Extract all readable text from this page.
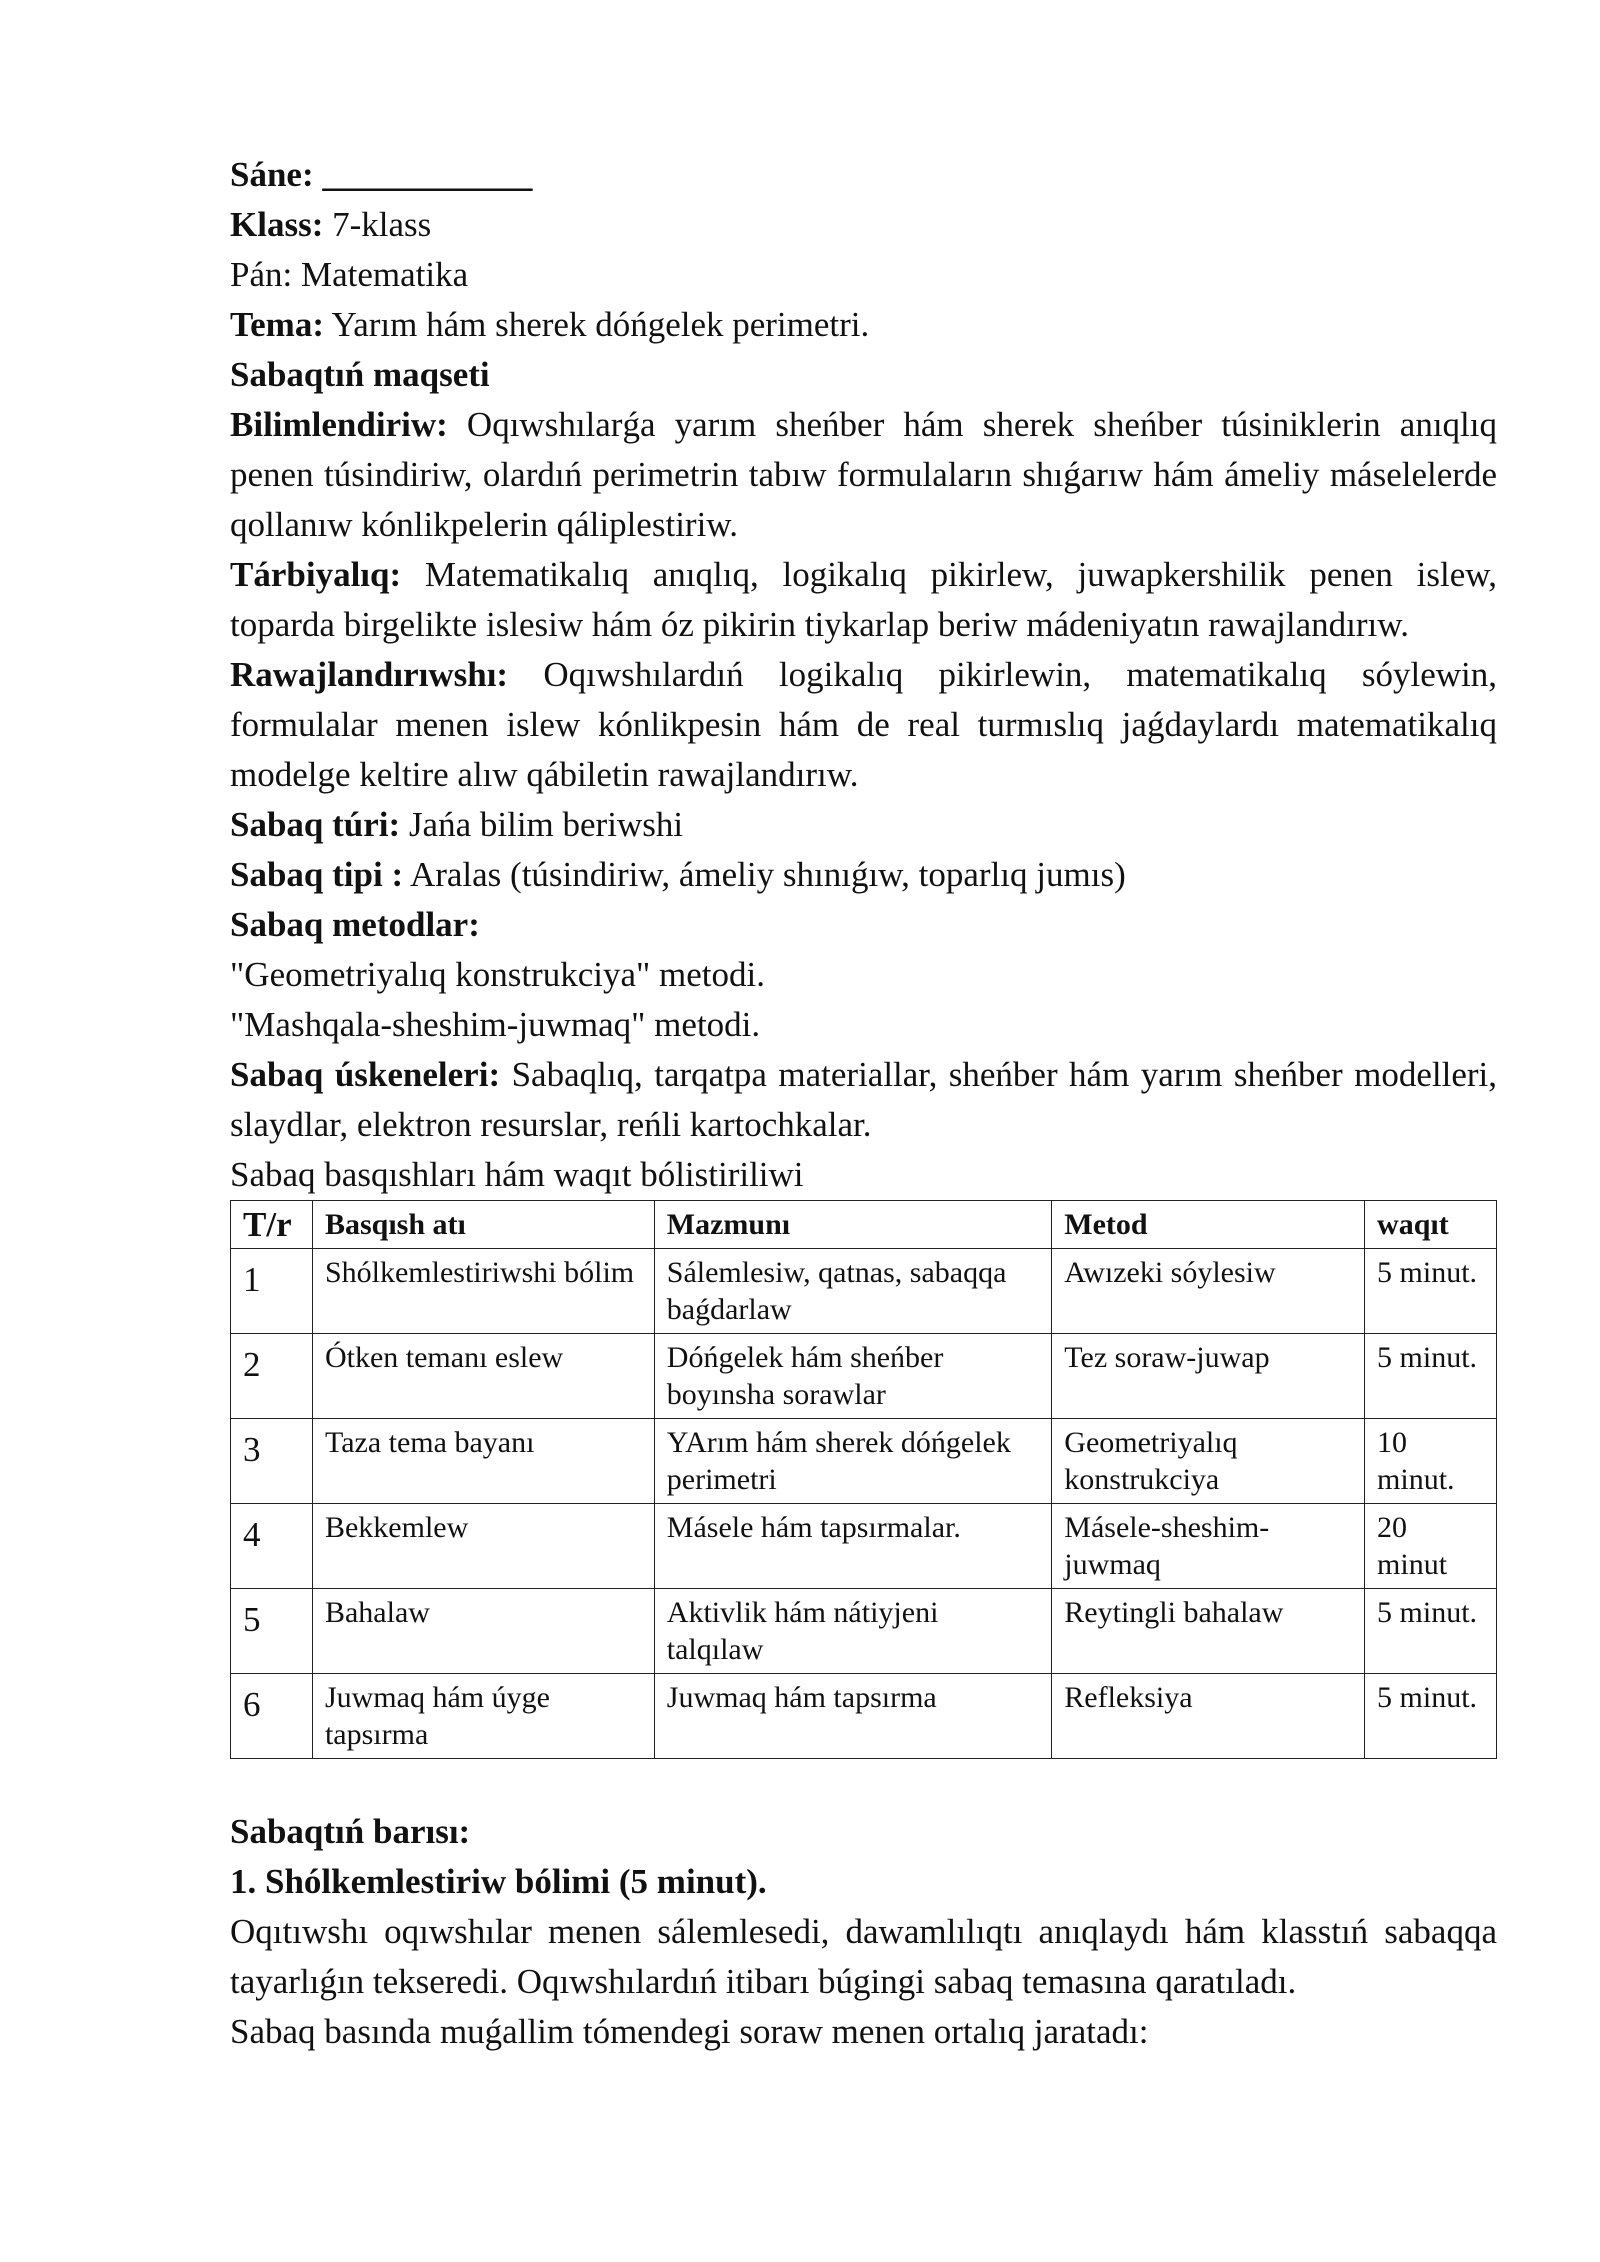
Sáne: ____________

Klass: 7-klass

Pán: Matematika

Tema: Yarım hám sherek dóńgelek perimetri.

Sabaqtıń maqseti

Bilimlendiriw: Oqıwshılarǵa yarım sheńber hám sherek sheńber túsiniklerin anıqlıq penen túsindiriw, olardıń perimetrin tabıw formulaların shıǵarıw hám ámeliy máselelerde qollanıw kónlikpelerin qáliplestiriw.

Tárbiyalıq: Matematikalıq anıqlıq, logikalıq pikirlew, juwapkershilik penen islew, toparda birgelikte islesiw hám óz pikirin tiykarlap beriw mádeniyatın rawajlandırıw.

Rawajlandırıwshı: Oqıwshılardıń logikalıq pikirlewin, matematikalıq sóylewin, formulalar menen islew kónlikpesin hám de real turmıslıq jaǵdaylardı matematikalıq modelge keltire alıw qábiletin rawajlandırıw.

Sabaq túri: Jańa bilim beriwshi

Sabaq tipi : Aralas (túsindiriw, ámeliy shınıǵıw, toparlıq jumıs)

Sabaq metodlar:

"Geometriyalıq konstrukciya" metodi.

"Mashqala-sheshim-juwmaq" metodi.

Sabaq úskeneleri: Sabaqlıq, tarqatpa materiallar, sheńber hám yarım sheńber modelleri, slaydlar, elektron resurslar, reńli kartochkalar.

Sabaq basqıshları hám waqıt bólistiriliwi

T/r	Basqısh atı	Mazmunı	Metod	waqıt
1	Shólkemlestiriwshi bólim	Sálemlesiw, qatnas, sabaqqa baǵdarlaw	Awızeki sóylesiw	5 minut.
2	Ótken temanı eslew	Dóńgelek hám sheńber boyınsha sorawlar	Tez soraw-juwap	5 minut.
3	Taza tema bayanı	YArım hám sherek dóńgelek perimetri	Geometriyalıq konstrukciya	10 minut.
4	Bekkemlew	Másele hám tapsırmalar.	Másele-sheshim-juwmaq	20 minut
5	Bahalaw	Aktivlik hám nátiyjeni talqılaw	Reytingli bahalaw	5 minut.
6	Juwmaq hám úyge tapsırma	Juwmaq hám tapsırma	Refleksiya	5 minut.

Sabaqtıń barısı:

1. Shólkemlestiriw bólimi (5 minut).

Oqıtıwshı oqıwshılar menen sálemlesedi, dawamlılıqtı anıqlaydı hám klasstıń sabaqqa tayarlıǵın tekseredi. Oqıwshılardıń itibarı búgingi sabaq temasına qaratıladı.

Sabaq basında muǵallim tómendegi soraw menen ortalıq jaratadı:
